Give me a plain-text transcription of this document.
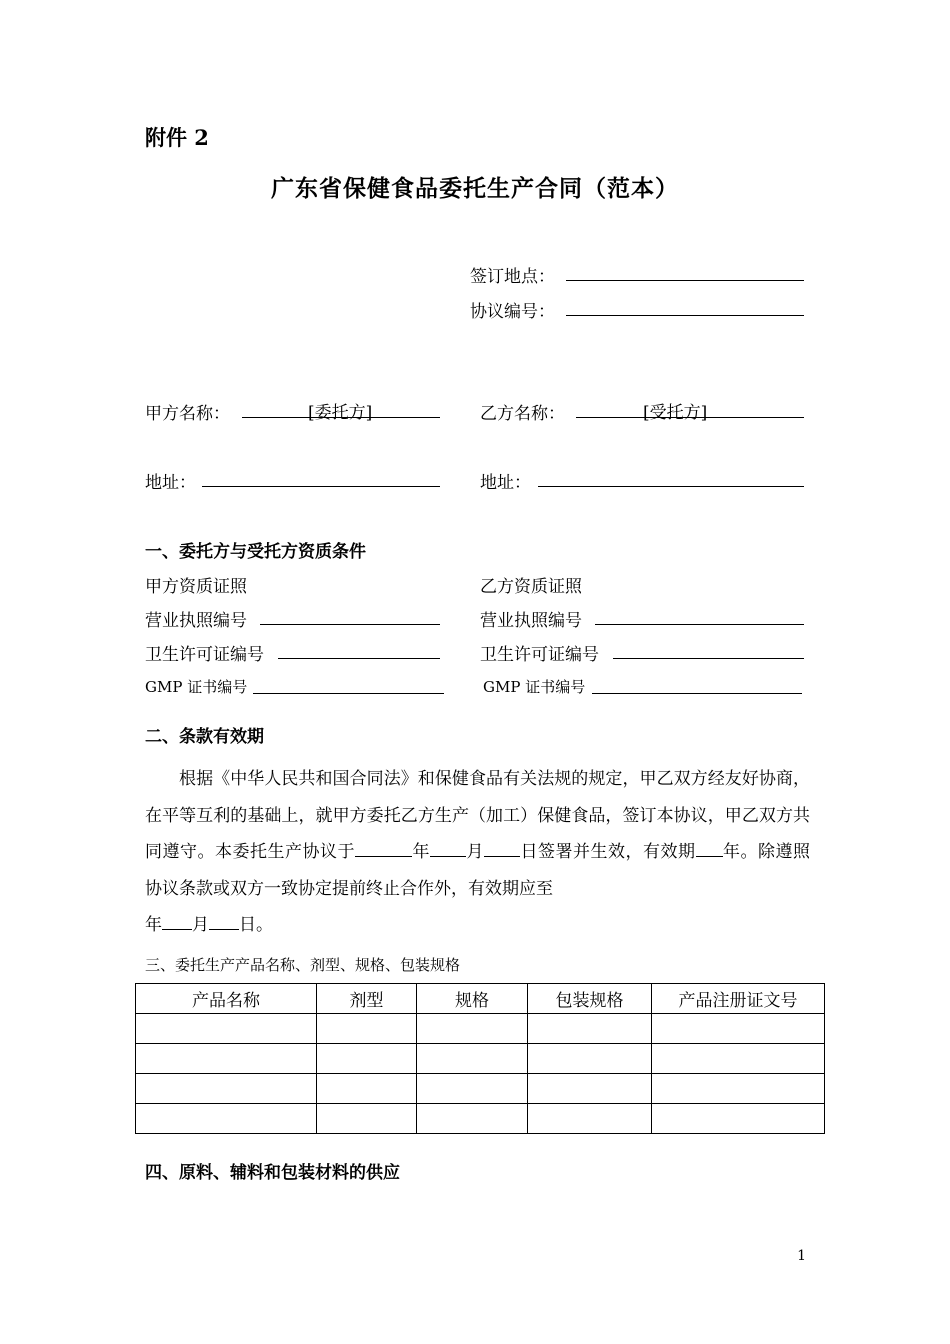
附件 2
广东省保健食品委托生产合同（范本）
签订地点：
协议编号：
甲方名称：	[委托方]	乙方名称：	[受托方]
地址：	地址：
一、委托方与受托方资质条件
甲方资质证照	乙方资质证照
营业执照编号	营业执照编号
卫生许可证编号	卫生许可证编号
GMP 证书编号	GMP 证书编号
二、条款有效期
根据《中华人民共和国合同法》和保健食品有关法规的规定，甲乙双方经友好协商，在平等互利的基础上，就甲方委托乙方生产（加工）保健食品，签订本协议，甲乙双方共同遵守。本委托生产协议于	年 月 日签署并生效，有效期 年。除遵照协议条款或双方一致协定提前终止合作外，有效期应至
年 月 日。
三、委托生产产品名称、剂型、规格、包装规格
产品名称	剂型	规格	包装规格	产品注册证文号

四、原料、辅料和包装材料的供应
1
